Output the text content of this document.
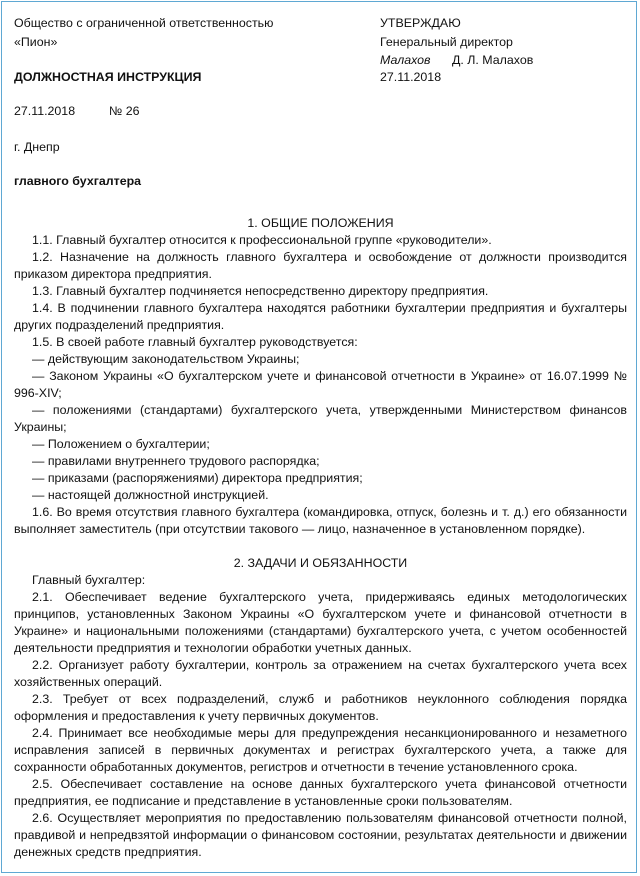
Общество с ограниченной ответственностью
«Пион»
ДОЛЖНОСТНАЯ ИНСТРУКЦИЯ
27.11.2018	№ 26
г. Днепр
главного бухгалтера
УТВЕРЖДАЮ
Генеральный директор
Малахов Д. Л. Малахов
27.11.2018

1. ОБЩИЕ ПОЛОЖЕНИЯ

1.1. Главный бухгалтер относится к профессиональной группе «руководители».

1.2. Назначение на должность главного бухгалтера и освобождение от должности производится приказом директора предприятия.

1.3. Главный бухгалтер подчиняется непосредственно директору предприятия.

1.4. В подчинении главного бухгалтера находятся работники бухгалтерии предприятия и бухгалтеры других подразделений предприятия.

1.5. В своей работе главный бухгалтер руководствуется:

— действующим законодательством Украины;

— Законом Украины «О бухгалтерском учете и финансовой отчетности в Украине» от 16.07.1999 № 996-XIV;

— положениями (стандартами) бухгалтерского учета, утвержденными Министерством финансов Украины;

— Положением о бухгалтерии;

— правилами внутреннего трудового распорядка;

— приказами (распоряжениями) директора предприятия;

— настоящей должностной инструкцией.

1.6. Во время отсутствия главного бухгалтера (командировка, отпуск, болезнь и т. д.) его обязанности выполняет заместитель (при отсутствии такового — лицо, назначенное в установленном порядке).

2. ЗАДАЧИ И ОБЯЗАННОСТИ

Главный бухгалтер:

2.1. Обеспечивает ведение бухгалтерского учета, придерживаясь единых методологических принципов, установленных Законом Украины «О бухгалтерском учете и финансовой отчетности в Украине» и национальными положениями (стандартами) бухгалтерского учета, с учетом особенностей деятельности предприятия и технологии обработки учетных данных.

2.2. Организует работу бухгалтерии, контроль за отражением на счетах бухгалтерского учета всех хозяйственных операций.

2.3. Требует от всех подразделений, служб и работников неуклонного соблюдения порядка оформления и предоставления к учету первичных документов.

2.4. Принимает все необходимые меры для предупреждения несанкционированного и незаметного исправления записей в первичных документах и регистрах бухгалтерского учета, а также для сохранности обработанных документов, регистров и отчетности в течение установленного срока.

2.5. Обеспечивает составление на основе данных бухгалтерского учета финансовой отчетности предприятия, ее подписание и представление в установленные сроки пользователям.

2.6. Осуществляет мероприятия по предоставлению пользователям финансовой отчетности полной, правдивой и непредвзятой информации о финансовом состоянии, результатах деятельности и движении денежных средств предприятия.
